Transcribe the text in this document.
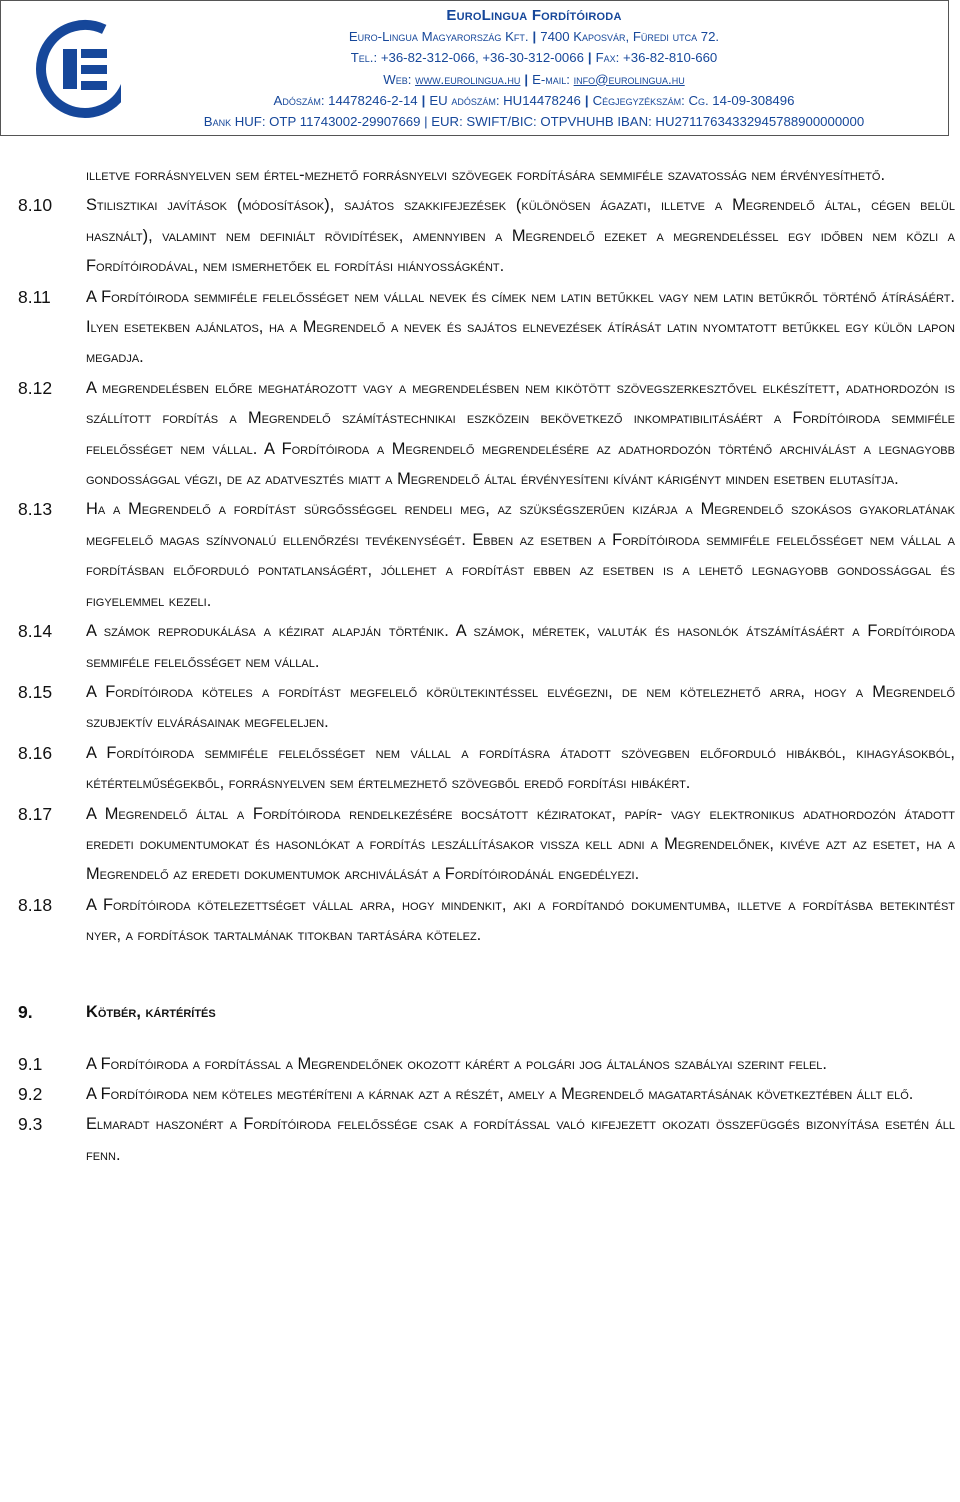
EuroLingua Fordítóiroda
Euro-Lingua Magyarország Kft. | 7400 Kaposvár, Füredi utca 72.
Tel.: +36-82-312-066, +36-30-312-0066 | Fax: +36-82-810-660
Web: www.eurolingua.hu | E-mail: info@eurolingua.hu
Adószám: 14478246-2-14 | EU adószám: HU14478246 | Cégjegyzékszám: Cg. 14-09-308496
Bank HUF: OTP 11743002-29907669 | EUR: SWIFT/BIC: OTPVHUHB IBAN: HU27117634332945788900000000

illetve forrásnyelven sem értel-mezhető forrásnyelvi szövegek fordítására semmiféle szavatosság nem érvényesíthető.

8.10 Stilisztikai javítások (módosítások), sajátos szakkifejezések (különösen ágazati, illetve a Megrendelő által, cégen belül használt), valamint nem definiált rövidítések, amennyiben a Megrendelő ezeket a megrendeléssel egy időben nem közli a Fordítóirodával, nem ismerhetőek el fordítási hiányosságként.

8.11 A Fordítóiroda semmiféle felelősséget nem vállal nevek és címek nem latin betűkkel vagy nem latin betűkről történő átírásáért. Ilyen esetekben ajánlatos, ha a Megrendelő a nevek és sajátos elnevezések átírását latin nyomtatott betűkkel egy külön lapon megadja.

8.12 A megrendelésben előre meghatározott vagy a megrendelésben nem kikötött szövegszerkesztővel elkészített, adathordozón is szállított fordítás a Megrendelő számítástechnikai eszközein bekövetkező inkompatibilitásáért a Fordítóiroda semmiféle felelősséget nem vállal. A Fordítóiroda a Megrendelő megrendelésére az adathordozón történő archiválást a legnagyobb gondossággal végzi, de az adatvesztés miatt a Megrendelő által érvényesíteni kívánt kárigényt minden esetben elutasítja.

8.13 Ha a Megrendelő a fordítást sürgősséggel rendeli meg, az szükségszerűen kizárja a Megrendelő szokásos gyakorlatának megfelelő magas színvonalú ellenőrzési tevékenységét. Ebben az esetben a Fordítóiroda semmiféle felelősséget nem vállal a fordításban előforduló pontatlanságért, jóllehet a fordítást ebben az esetben is a lehető legnagyobb gondossággal és figyelemmel kezeli.

8.14 A számok reprodukálása a kézirat alapján történik. A számok, méretek, valuták és hasonlók átszámításáért a Fordítóiroda semmiféle felelősséget nem vállal.

8.15 A Fordítóiroda köteles a fordítást megfelelő körültekintéssel elvégezni, de nem kötelezhető arra, hogy a Megrendelő szubjektív elvárásainak megfeleljen.

8.16 A Fordítóiroda semmiféle felelősséget nem vállal a fordításra átadott szövegben előforduló hibákból, kihagyásokból, kétértelműségekből, forrásnyelven sem értelmezhető szövegből eredő fordítási hibákért.

8.17 A Megrendelő által a Fordítóiroda rendelkezésére bocsátott kéziratokat, papír- vagy elektronikus adathordozón átadott eredeti dokumentumokat és hasonlókat a fordítás leszállításakor vissza kell adni a Megrendelőnek, kivéve azt az esetet, ha a Megrendelő az eredeti dokumentumok archiválását a Fordítóirodánál engedélyezi.

8.18 A Fordítóiroda kötelezettséget vállal arra, hogy mindenkit, aki a fordítandó dokumentumba, illetve a fordításba betekintést nyer, a fordítások tartalmának titokban tartására kötelez.

9.	Kötbér, kártérítés
9.1	A Fordítóiroda a fordítással a Megrendelőnek okozott kárért a polgári jog általános szabályai szerint felel.

9.2	A Fordítóiroda nem köteles megtéríteni a kárnak azt a részét, amely a Megrendelő magatartásának következtében állt elő.

9.3	Elmaradt haszonért a Fordítóiroda felelőssége csak a fordítással való kifejezett okozati összefüggés bizonyítása esetén áll fenn.
